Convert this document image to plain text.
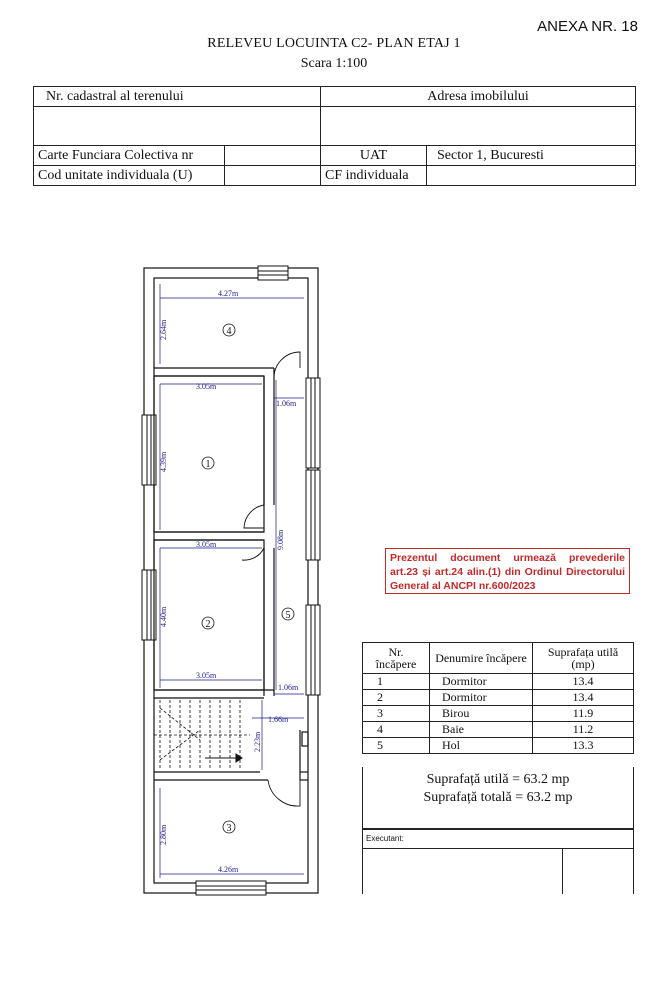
ANEXA NR. 18
RELEVEU LOCUINTA C2- PLAN ETAJ 1
Scara 1:100
Nr. cadastral al terenului		Adresa imobilului	

Carte Funciara Colectiva nr		UAT	Sector 1, Bucuresti
Cod unitate individuala (U)		CF individuala	
4.27m
2.64m
3.05m
4.39m
1.06m
9.08m
3.05m
4.40m
3.05m
1.06m
1.66m
2.23m
2.80m
4.26m
4
1
2
5
3
Prezentul document urmează prevederile art.23 și art.24 alin.(1) din Ordinul Directorului General al ANCPI nr.600/2023
Nr. încăpere	Denumire încăpere	Suprafața utilă (mp)
1	Dormitor	13.4
2	Dormitor	13.4
3	Birou	11.9
4	Baie	11.2
5	Hol	13.3
Suprafață utilă = 63.2 mp
Suprafață totală = 63.2 mp
Executant:
